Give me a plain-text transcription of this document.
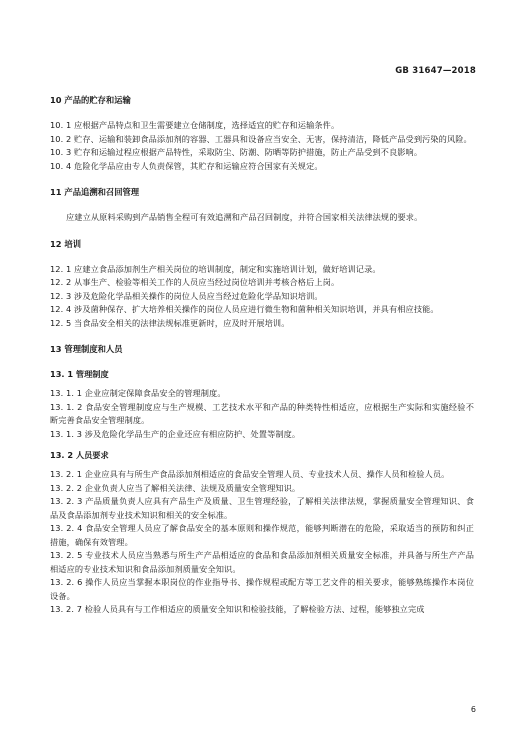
GB 31647—2018
10 产品的贮存和运输
10. 1 应根据产品特点和卫生需要建立仓储制度，选择适宜的贮存和运输条件。
10. 2 贮存、运输和装卸食品添加剂的容器、工器具和设备应当安全、无害，保持清洁，降低产品受到污染的风险。
10. 3 贮存和运输过程应根据产品特性，采取防尘、防潮、防晒等防护措施，防止产品受到不良影响。
10. 4 危险化学品应由专人负责保管，其贮存和运输应符合国家有关规定。
11 产品追溯和召回管理
应建立从原料采购到产品销售全程可有效追溯和产品召回制度，并符合国家相关法律法规的要求。
12 培训
12. 1 应建立食品添加剂生产相关岗位的培训制度，制定和实施培训计划，做好培训记录。
12. 2 从事生产、检验等相关工作的人员应当经过岗位培训并考核合格后上岗。
12. 3 涉及危险化学品相关操作的岗位人员应当经过危险化学品知识培训。
12. 4 涉及菌种保存、扩大培养相关操作的岗位人员应进行微生物和菌种相关知识培训，并具有相应技能。
12. 5 当食品安全相关的法律法规标准更新时，应及时开展培训。
13 管理制度和人员
13. 1 管理制度
13. 1. 1 企业应制定保障食品安全的管理制度。
13. 1. 2 食品安全管理制度应与生产规模、工艺技术水平和产品的种类特性相适应，应根据生产实际和实施经验不断完善食品安全管理制度。
13. 1. 3 涉及危险化学品生产的企业还应有相应防护、处置等制度。
13. 2 人员要求
13. 2. 1 企业应具有与所生产食品添加剂相适应的食品安全管理人员、专业技术人员、操作人员和检验人员。
13. 2. 2 企业负责人应当了解相关法律、法规及质量安全管理知识。
13. 2. 3 产品质量负责人应具有产品生产及质量、卫生管理经验，了解相关法律法规，掌握质量安全管理知识、食品及食品添加剂专业技术知识和相关的安全标准。
13. 2. 4 食品安全管理人员应了解食品安全的基本原则和操作规范，能够判断潜在的危险，采取适当的预防和纠正措施，确保有效管理。
13. 2. 5 专业技术人员应当熟悉与所生产产品相适应的食品和食品添加剂相关质量安全标准，并具备与所生产产品相适应的专业技术知识和食品添加剂质量安全知识。
13. 2. 6 操作人员应当掌握本职岗位的作业指导书、操作规程或配方等工艺文件的相关要求，能够熟练操作本岗位设备。
13. 2. 7 检验人员具有与工作相适应的质量安全知识和检验技能，了解检验方法、过程，能够独立完成
6
